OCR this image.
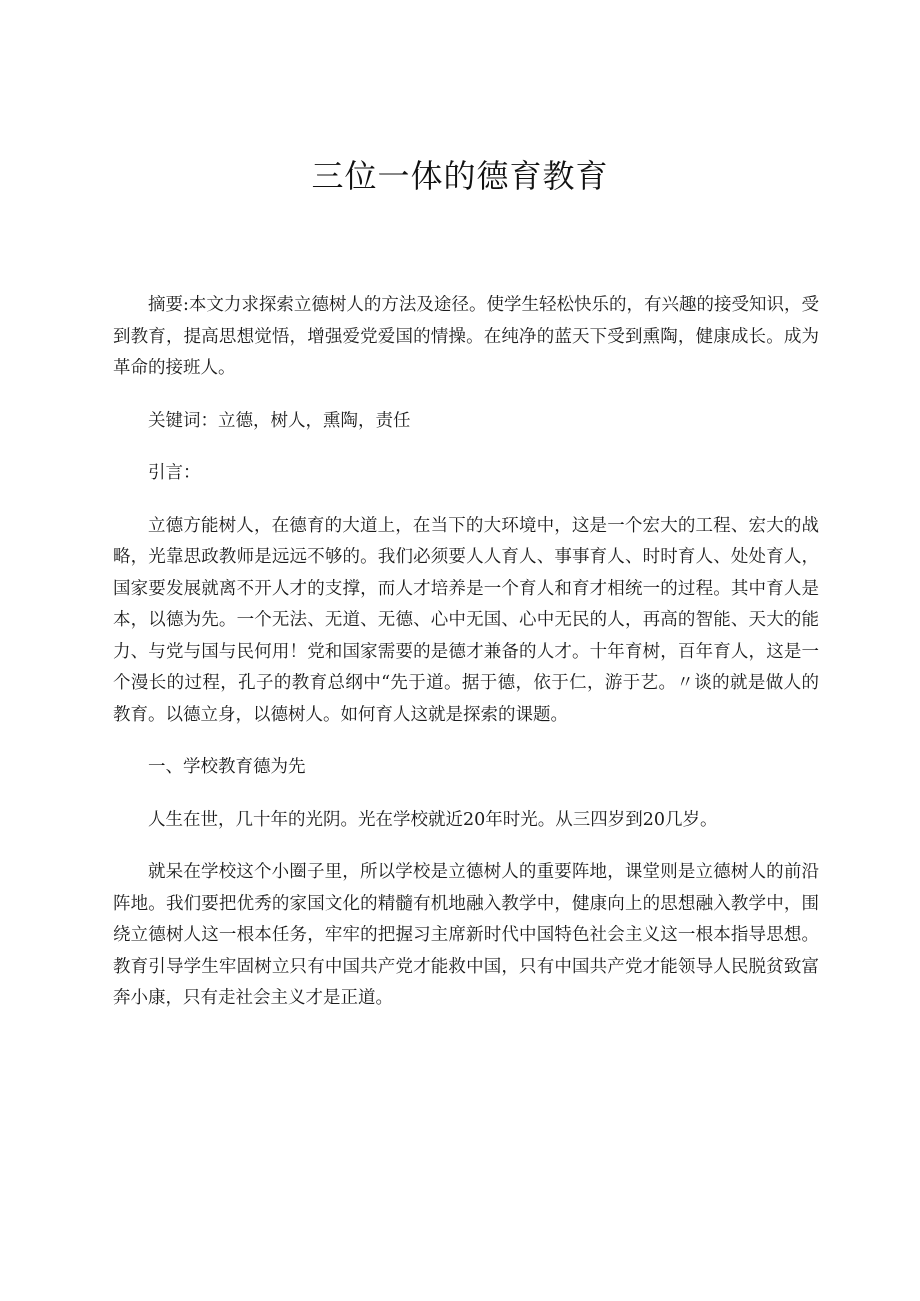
三位一体的德育教育

摘要:本文力求探索立德树人的方法及途径。使学生轻松快乐的，有兴趣的接受知识，受到教育，提高思想觉悟，增强爱党爱国的情操。在纯净的蓝天下受到熏陶，健康成长。成为革命的接班人。

关键词：立德，树人，熏陶，责任

引言：

立德方能树人，在德育的大道上，在当下的大环境中，这是一个宏大的工程、宏大的战略，光靠思政教师是远远不够的。我们必须要人人育人、事事育人、时时育人、处处育人，国家要发展就离不开人才的支撑，而人才培养是一个育人和育才相统一的过程。其中育人是本，以德为先。一个无法、无道、无德、心中无国、心中无民的人，再高的智能、天大的能力、与党与国与民何用！党和国家需要的是德才兼备的人才。十年育树，百年育人，这是一个漫长的过程，孔子的教育总纲中“先于道。据于德，依于仁，游于艺。〃谈的就是做人的教育。以德立身，以德树人。如何育人这就是探索的课题。

一、学校教育德为先

人生在世，几十年的光阴。光在学校就近20年时光。从三四岁到20几岁。

就呆在学校这个小圈子里，所以学校是立德树人的重要阵地，课堂则是立德树人的前沿阵地。我们要把优秀的家国文化的精髓有机地融入教学中，健康向上的思想融入教学中，围绕立德树人这一根本任务，牢牢的把握习主席新时代中国特色社会主义这一根本指导思想。教育引导学生牢固树立只有中国共产党才能救中国，只有中国共产党才能领导人民脱贫致富奔小康，只有走社会主义才是正道。
